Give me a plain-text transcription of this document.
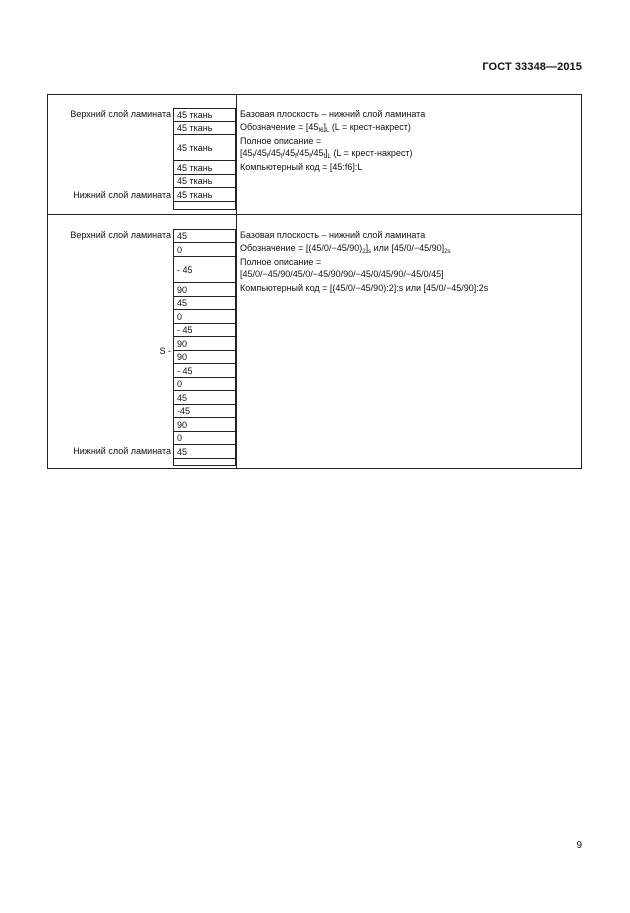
ГОСТ 33348—2015
Верхний слой ламината
Нижний слой ламината
45 ткань
45 ткань
45 ткань
45 ткань
45 ткань
45 ткань
Базовая плоскость – нижний слой ламината
Обозначение = $[45_{f6}]_L$ (L = крест-накрест)
Полное описание =
$[45_f/45_f/45_f/45_f/45_f/45_f]_L$ (L = крест-накрест)
Компьютерный код = [45:f6]:L
Верхний слой ламината
S -
Нижний слой ламината
45
0
- 45
90
45
0
- 45
90
90
- 45
0
45
-45
90
0
45
Базовая плоскость – нижний слой ламината
Обозначение = $[(45/0/-45/90)_2]_s$ или $[45/0/-45/90]_{2s}$
Полное описание =
[45/0/−45/90/45/0/−45/90/90/−45/0/45/90/−45/0/45]
Компьютерный код = [(45/0/−45/90):2]:s или [45/0/−45/90]:2s
9
